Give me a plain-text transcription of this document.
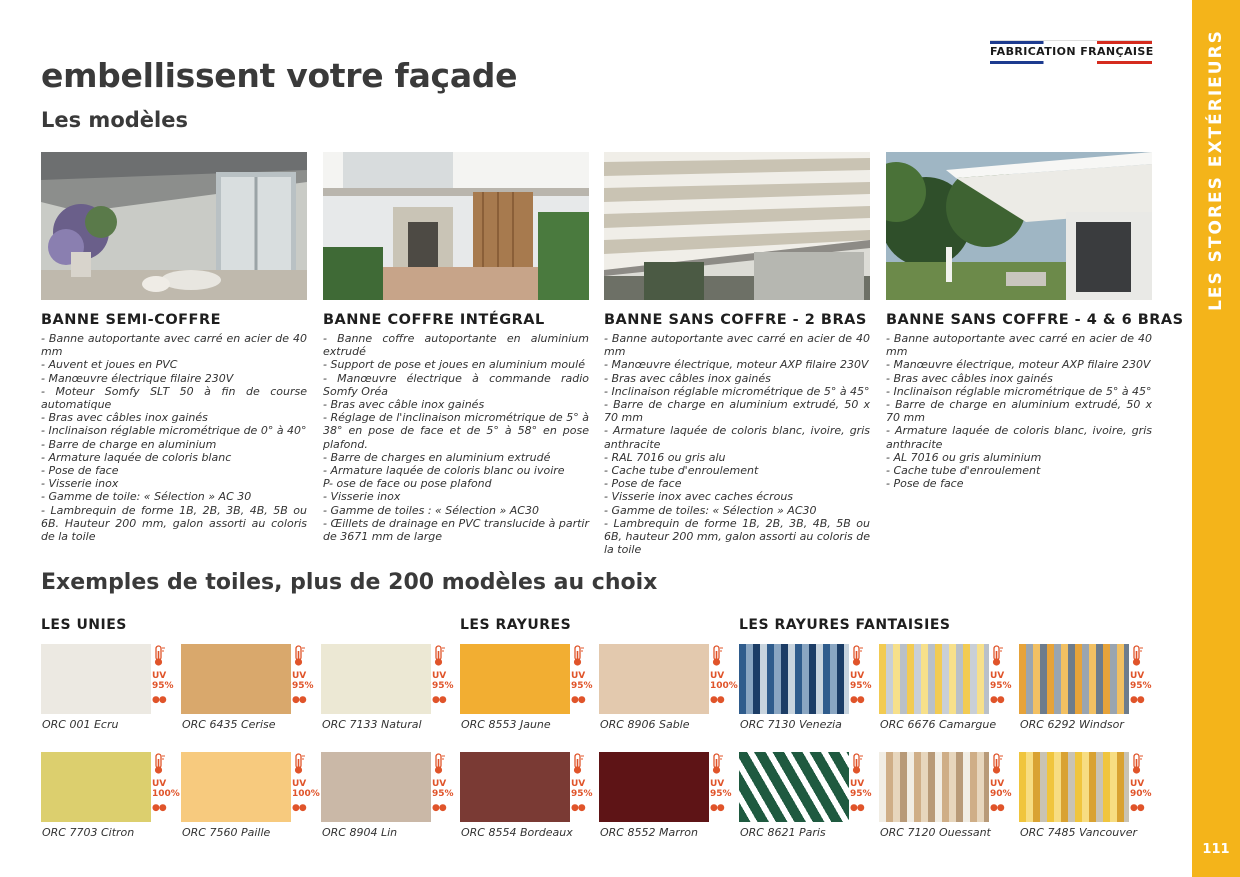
embellissent votre façade
Les modèles
FABRICATION FRANÇAISE	LES STORES EXTÉRIEURS
111
BANNE SEMI-COFFRE
- Banne autoportante avec carré en acier de 40 mm
- Auvent et joues en PVC
- Manœuvre électrique filaire 230V
- Moteur Somfy SLT 50 à fin de course automatique
- Bras avec câbles inox gainés
- Inclinaison réglable micrométrique de 0° à 40°
- Barre de charge en aluminium
- Armature laquée de coloris blanc
- Pose de face
- Visserie inox
- Gamme de toile: « Sélection » AC 30
- Lambrequin de forme 1B, 2B, 3B, 4B, 5B ou 6B. Hauteur 200 mm, galon assorti au coloris de la toile
BANNE COFFRE INTÉGRAL
- Banne coffre autoportante en aluminium extrudé
- Support de pose et joues en aluminium moulé
- Manœuvre électrique à commande radio Somfy Oréa
- Bras avec câble inox gainés
- Réglage de l'inclinaison micrométrique de 5° à 38° en pose de face et de 5° à 58° en pose plafond.
- Barre de charges en aluminium extrudé
- Armature laquée de coloris blanc ou ivoire
P- ose de face ou pose plafond
- Visserie inox
- Gamme de toiles : « Sélection » AC30
- Œillets de drainage en PVC translucide à partir de 3671 mm de large
BANNE SANS COFFRE - 2 BRAS
- Banne autoportante avec carré en acier de 40 mm
- Manœuvre électrique, moteur AXP filaire 230V
- Bras avec câbles inox gainés
- Inclinaison réglable micrométrique de 5° à 45°
- Barre de charge en aluminium extrudé, 50 x 70 mm
- Armature laquée de coloris blanc, ivoire, gris anthracite
- RAL 7016 ou gris alu
- Cache tube d'enroulement
- Pose de face
- Visserie inox avec caches écrous
- Gamme de toiles: « Sélection » AC30
- Lambrequin de forme 1B, 2B, 3B, 4B, 5B ou 6B, hauteur 200 mm, galon assorti au coloris de la toile
BANNE SANS COFFRE - 4 & 6 BRAS
- Banne autoportante avec carré en acier de 40 mm
- Manœuvre électrique, moteur AXP filaire 230V
- Bras avec câbles inox gainés
- Inclinaison réglable micrométrique de 5° à 45°
- Barre de charge en aluminium extrudé, 50 x 70 mm
- Armature laquée de coloris blanc, ivoire, gris anthracite
- AL 7016 ou gris aluminium
- Cache tube d'enroulement
- Pose de face
Exemples de toiles, plus de 200 modèles au choix
LES UNIES	LES RAYURES	LES RAYURES FANTAISIES
UV
95%
●●
ORC 001 Ecru
UV
95%
●●
ORC 6435 Cerise
UV
95%
●●
ORC 7133 Natural
UV
95%
●●
ORC 8553 Jaune
UV
100%
●●
ORC 8906 Sable
UV
95%
●●
ORC 7130 Venezia
UV
95%
●●
ORC 6676 Camargue
UV
95%
●●
ORC 6292 Windsor
UV
100%
●●
ORC 7703 Citron
UV
100%
●●
ORC 7560 Paille
UV
95%
●●
ORC 8904 Lin
UV
95%
●●
ORC 8554 Bordeaux
UV
95%
●●
ORC 8552 Marron
UV
95%
●●
ORC 8621 Paris
UV
90%
●●
ORC 7120 Ouessant
UV
90%
●●
ORC 7485 Vancouver
